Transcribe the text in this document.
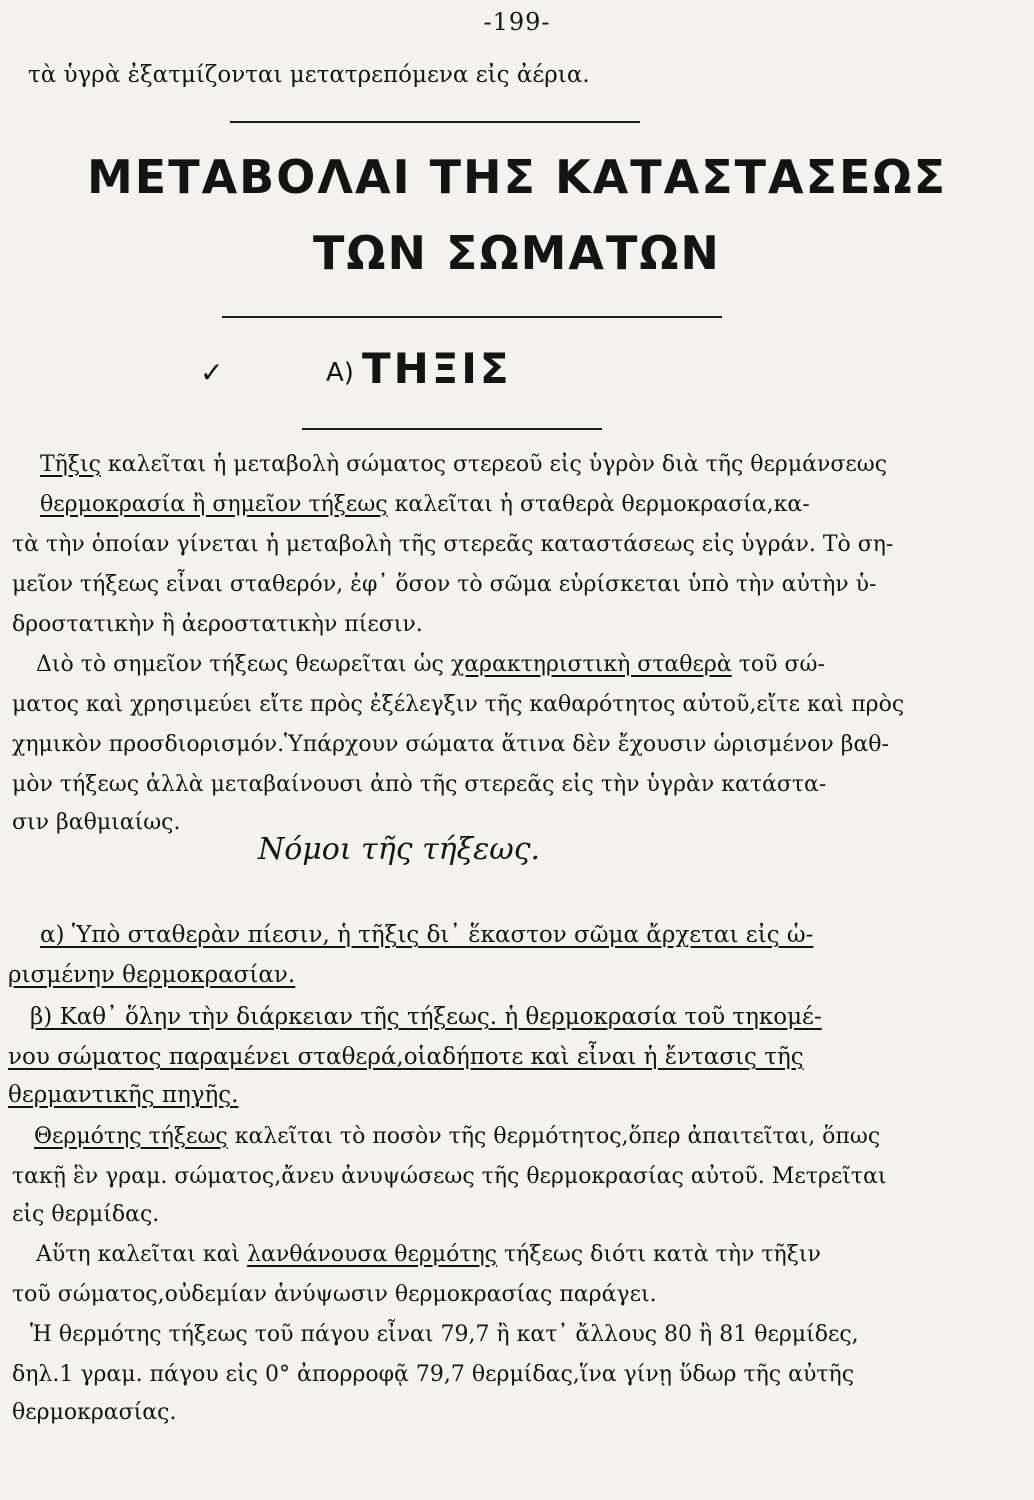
-199-
τὰ ὑγρὰ ἐξατμίζονται μετατρεπόμενα εἰς ἀέρια.
ΜΕΤΑΒΟΛΑΙ ΤΗΣ ΚΑΤΑΣΤΑΣΕΩΣ
ΤΩΝ ΣΩΜΑΤΩΝ
✓	Α) ΤΗΞΙΣ
Τῆξις καλεῖται ἡ μεταβολὴ σώματος στερεοῦ εἰς ὑγρὸν διὰ τῆς θερμάνσεως
θερμοκρασία ἢ σημεῖον τήξεως καλεῖται ἡ σταθερὰ θερμοκρασία,κα-
τὰ τὴν ὁποίαν γίνεται ἡ μεταβολὴ τῆς στερεᾶς καταστάσεως εἰς ὑγράν. Τὸ ση-
μεῖον τήξεως εἶναι σταθερόν, ἐφ᾽ ὅσον τὸ σῶμα εὑρίσκεται ὑπὸ τὴν αὐτὴν ὑ-
δροστατικὴν ἢ ἀεροστατικὴν πίεσιν.
Διὸ τὸ σημεῖον τήξεως θεωρεῖται ὡς χαρακτηριστικὴ σταθερὰ τοῦ σώ-
ματος καὶ χρησιμεύει εἴτε πρὸς ἐξέλεγξιν τῆς καθαρότητος αὐτοῦ,εἴτε καὶ πρὸς
χημικὸν προσδιορισμόν.Ὑπάρχουν σώματα ἅτινα δὲν ἔχουσιν ὡρισμένον βαθ-
μὸν τήξεως ἀλλὰ μεταβαίνουσι ἀπὸ τῆς στερεᾶς εἰς τὴν ὑγρὰν κατάστα-
σιν βαθμιαίως.
Νόμοι τῆς τήξεως.
α) Ὑπὸ σταθερὰν πίεσιν, ἡ τῆξις δι᾽ ἕκαστον σῶμα ἄρχεται εἰς ὡ-
ρισμένην θερμοκρασίαν.
β) Καθ᾽ ὅλην τὴν διάρκειαν τῆς τήξεως. ἡ θερμοκρασία τοῦ τηκομέ-
νου σώματος παραμένει σταθερά,οἱαδήποτε καὶ εἶναι ἡ ἔντασις τῆς
θερμαντικῆς πηγῆς.
Θερμότης τήξεως καλεῖται τὸ ποσὸν τῆς θερμότητος,ὅπερ ἀπαιτεῖται, ὅπως
τακῇ ἓν γραμ. σώματος,ἄνευ ἀνυψώσεως τῆς θερμοκρασίας αὐτοῦ. Μετρεῖται
εἰς θερμίδας.
Αὕτη καλεῖται καὶ λανθάνουσα θερμότης τήξεως διότι κατὰ τὴν τῆξιν
τοῦ σώματος,οὐδεμίαν ἀνύψωσιν θερμοκρασίας παράγει.
Ἡ θερμότης τήξεως τοῦ πάγου εἶναι 79,7 ἢ κατ᾽ ἄλλους 80 ἢ 81 θερμίδες,
δηλ.1 γραμ. πάγου εἰς 0° ἀπορροφᾷ 79,7 θερμίδας,ἵνα γίνῃ ὕδωρ τῆς αὐτῆς
θερμοκρασίας.
